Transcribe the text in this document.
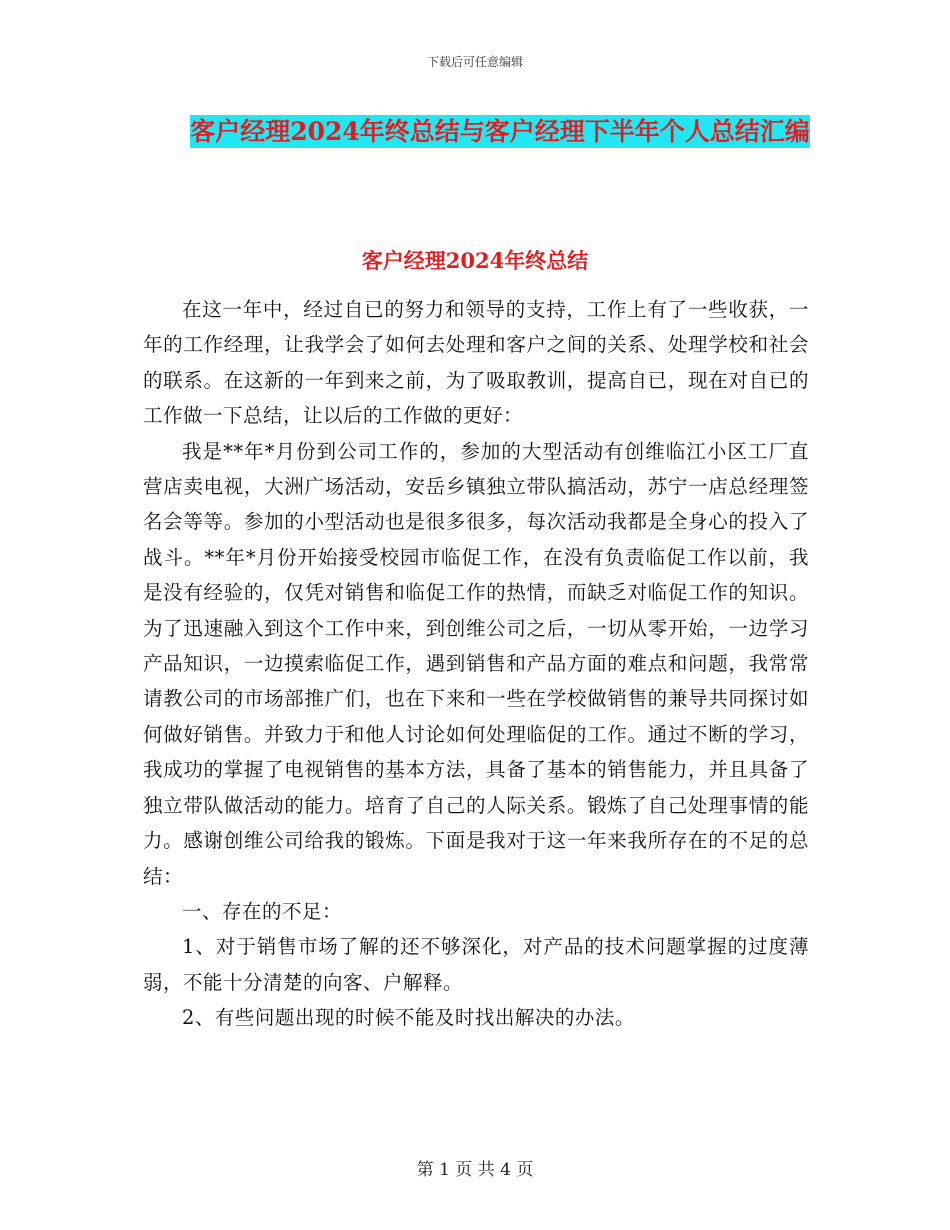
下载后可任意编辑
客户经理2024年终总结与客户经理下半年个人总结汇编
客户经理2024年终总结

在这一年中，经过自已的努力和领导的支持，工作上有了一些收获，一年的工作经理，让我学会了如何去处理和客户之间的关系、处理学校和社会的联系。在这新的一年到来之前，为了吸取教训，提高自已，现在对自已的工作做一下总结，让以后的工作做的更好：

我是**年*月份到公司工作的，参加的大型活动有创维临江小区工厂直营店卖电视，大洲广场活动，安岳乡镇独立带队搞活动，苏宁一店总经理签名会等等。参加的小型活动也是很多很多，每次活动我都是全身心的投入了战斗。**年*月份开始接受校园市临促工作，在没有负责临促工作以前，我是没有经验的，仅凭对销售和临促工作的热情，而缺乏对临促工作的知识。为了迅速融入到这个工作中来，到创维公司之后，一切从零开始，一边学习产品知识，一边摸索临促工作，遇到销售和产品方面的难点和问题，我常常请教公司的市场部推广们，也在下来和一些在学校做销售的兼导共同探讨如何做好销售。并致力于和他人讨论如何处理临促的工作。通过不断的学习，我成功的掌握了电视销售的基本方法，具备了基本的销售能力，并且具备了独立带队做活动的能力。培育了自己的人际关系。锻炼了自己处理事情的能力。感谢创维公司给我的锻炼。下面是我对于这一年来我所存在的不足的总结：

一、存在的不足：

1、对于销售市场了解的还不够深化，对产品的技术问题掌握的过度薄弱，不能十分清楚的向客、户解释。

2、有些问题出现的时候不能及时找出解决的办法。

第 1 页 共 4 页
